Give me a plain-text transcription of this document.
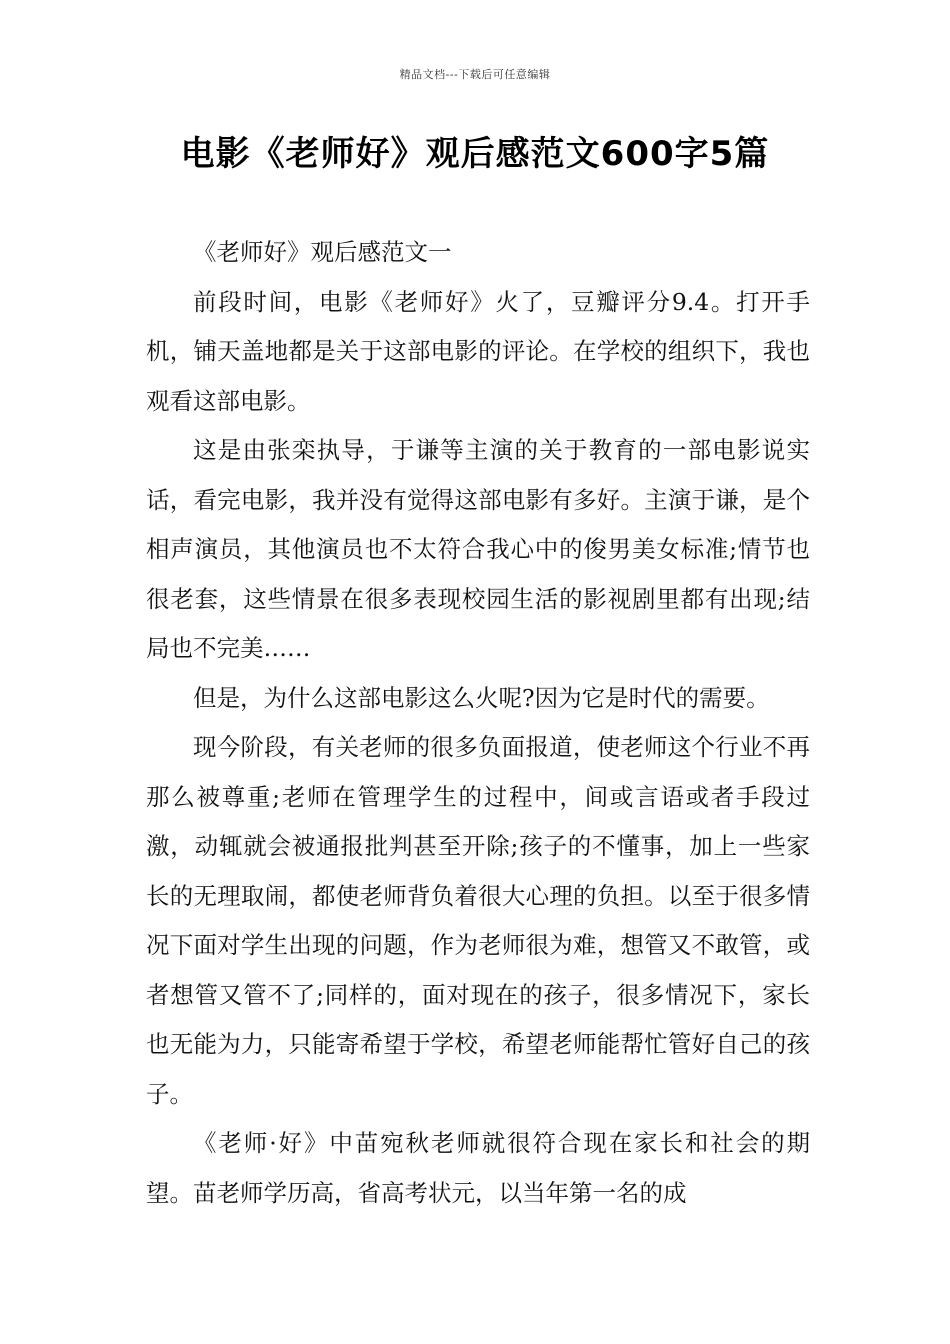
精品文档---下载后可任意编辑
电影《老师好》观后感范文600字5篇

《老师好》观后感范文一

前段时间，电影《老师好》火了，豆瓣评分9.4。打开手机，铺天盖地都是关于这部电影的评论。在学校的组织下，我也观看这部电影。

这是由张栾执导，于谦等主演的关于教育的一部电影说实话，看完电影，我并没有觉得这部电影有多好。主演于谦，是个相声演员，其他演员也不太符合我心中的俊男美女标准;情节也很老套，这些情景在很多表现校园生活的影视剧里都有出现;结局也不完美……

但是，为什么这部电影这么火呢?因为它是时代的需要。

现今阶段，有关老师的很多负面报道，使老师这个行业不再那么被尊重;老师在管理学生的过程中，间或言语或者手段过激，动辄就会被通报批判甚至开除;孩子的不懂事，加上一些家长的无理取闹，都使老师背负着很大心理的负担。以至于很多情况下面对学生出现的问题，作为老师很为难，想管又不敢管，或者想管又管不了;同样的，面对现在的孩子，很多情况下，家长也无能为力，只能寄希望于学校，希望老师能帮忙管好自己的孩子。

《老师·好》中苗宛秋老师就很符合现在家长和社会的期望。苗老师学历高，省高考状元，以当年第一名的成
